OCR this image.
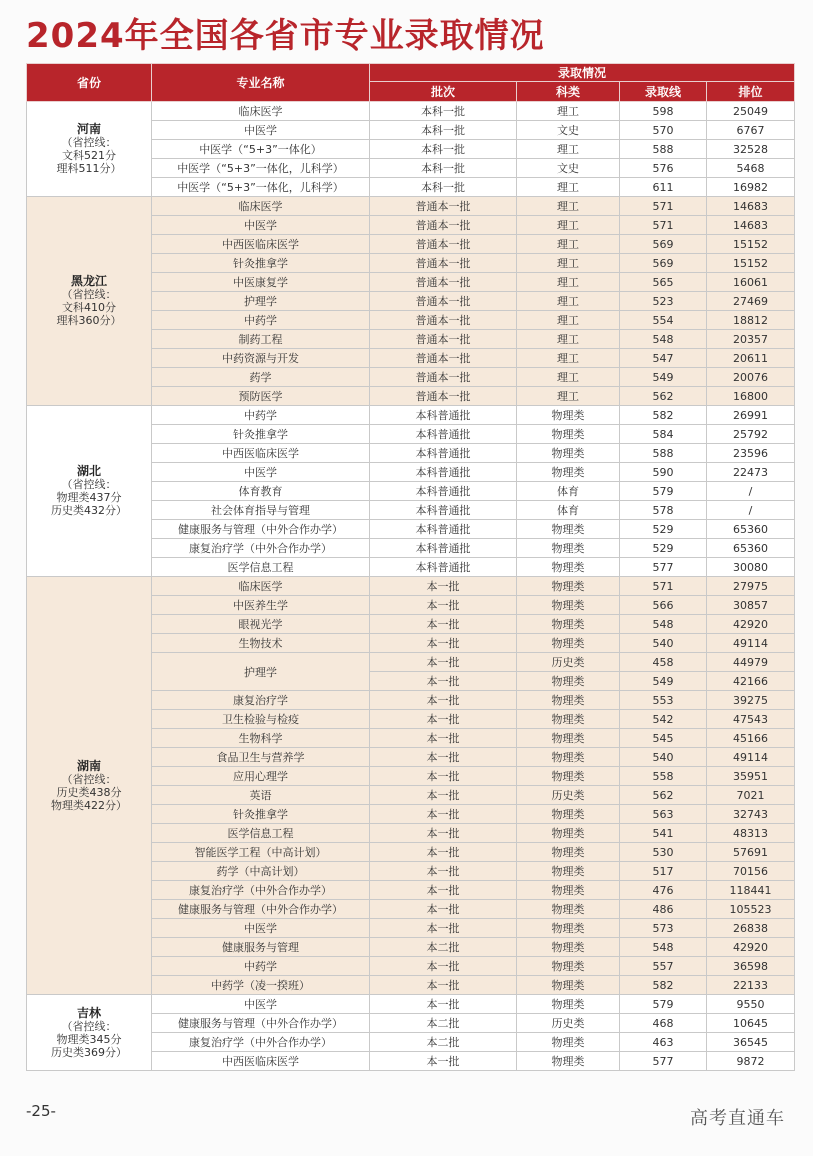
2024年全国各省市专业录取情况
省份	专业名称	录取情况			
		批次	科类	录取线	排位
河南
（省控线：
文科521分
理科511分）	临床医学	本科一批	理工	598	25049
	中医学	本科一批	文史	570	6767
	中医学（“5+3”一体化）	本科一批	理工	588	32528
	中医学（“5+3”一体化，儿科学）	本科一批	文史	576	5468
	中医学（“5+3”一体化，儿科学）	本科一批	理工	611	16982
黑龙江
（省控线：
文科410分
理科360分）	临床医学	普通本一批	理工	571	14683
	中医学	普通本一批	理工	571	14683
	中西医临床医学	普通本一批	理工	569	15152
	针灸推拿学	普通本一批	理工	569	15152
	中医康复学	普通本一批	理工	565	16061
	护理学	普通本一批	理工	523	27469
	中药学	普通本一批	理工	554	18812
	制药工程	普通本一批	理工	548	20357
	中药资源与开发	普通本一批	理工	547	20611
	药学	普通本一批	理工	549	20076
	预防医学	普通本一批	理工	562	16800
湖北
（省控线：
物理类437分
历史类432分）	中药学	本科普通批	物理类	582	26991
	针灸推拿学	本科普通批	物理类	584	25792
	中西医临床医学	本科普通批	物理类	588	23596
	中医学	本科普通批	物理类	590	22473
	体育教育	本科普通批	体育	579	/
	社会体育指导与管理	本科普通批	体育	578	/
	健康服务与管理（中外合作办学）	本科普通批	物理类	529	65360
	康复治疗学（中外合作办学）	本科普通批	物理类	529	65360
	医学信息工程	本科普通批	物理类	577	30080
湖南
（省控线：
历史类438分
物理类422分）	临床医学	本一批	物理类	571	27975
	中医养生学	本一批	物理类	566	30857
	眼视光学	本一批	物理类	548	42920
	生物技术	本一批	物理类	540	49114
	护理学	本一批	历史类	458	44979
		本一批	物理类	549	42166
	康复治疗学	本一批	物理类	553	39275
	卫生检验与检疫	本一批	物理类	542	47543
	生物科学	本一批	物理类	545	45166
	食品卫生与营养学	本一批	物理类	540	49114
	应用心理学	本一批	物理类	558	35951
	英语	本一批	历史类	562	7021
	针灸推拿学	本一批	物理类	563	32743
	医学信息工程	本一批	物理类	541	48313
	智能医学工程（中高计划）	本一批	物理类	530	57691
	药学（中高计划）	本一批	物理类	517	70156
	康复治疗学（中外合作办学）	本一批	物理类	476	118441
	健康服务与管理（中外合作办学）	本一批	物理类	486	105523
	中医学	本一批	物理类	573	26838
	健康服务与管理	本二批	物理类	548	42920
	中药学	本一批	物理类	557	36598
	中药学（凌一揆班）	本一批	物理类	582	22133
吉林
（省控线：
物理类345分
历史类369分）	中医学	本一批	物理类	579	9550
	健康服务与管理（中外合作办学）	本二批	历史类	468	10645
	康复治疗学（中外合作办学）	本二批	物理类	463	36545
	中西医临床医学	本一批	物理类	577	9872
-25-	高考直通车
